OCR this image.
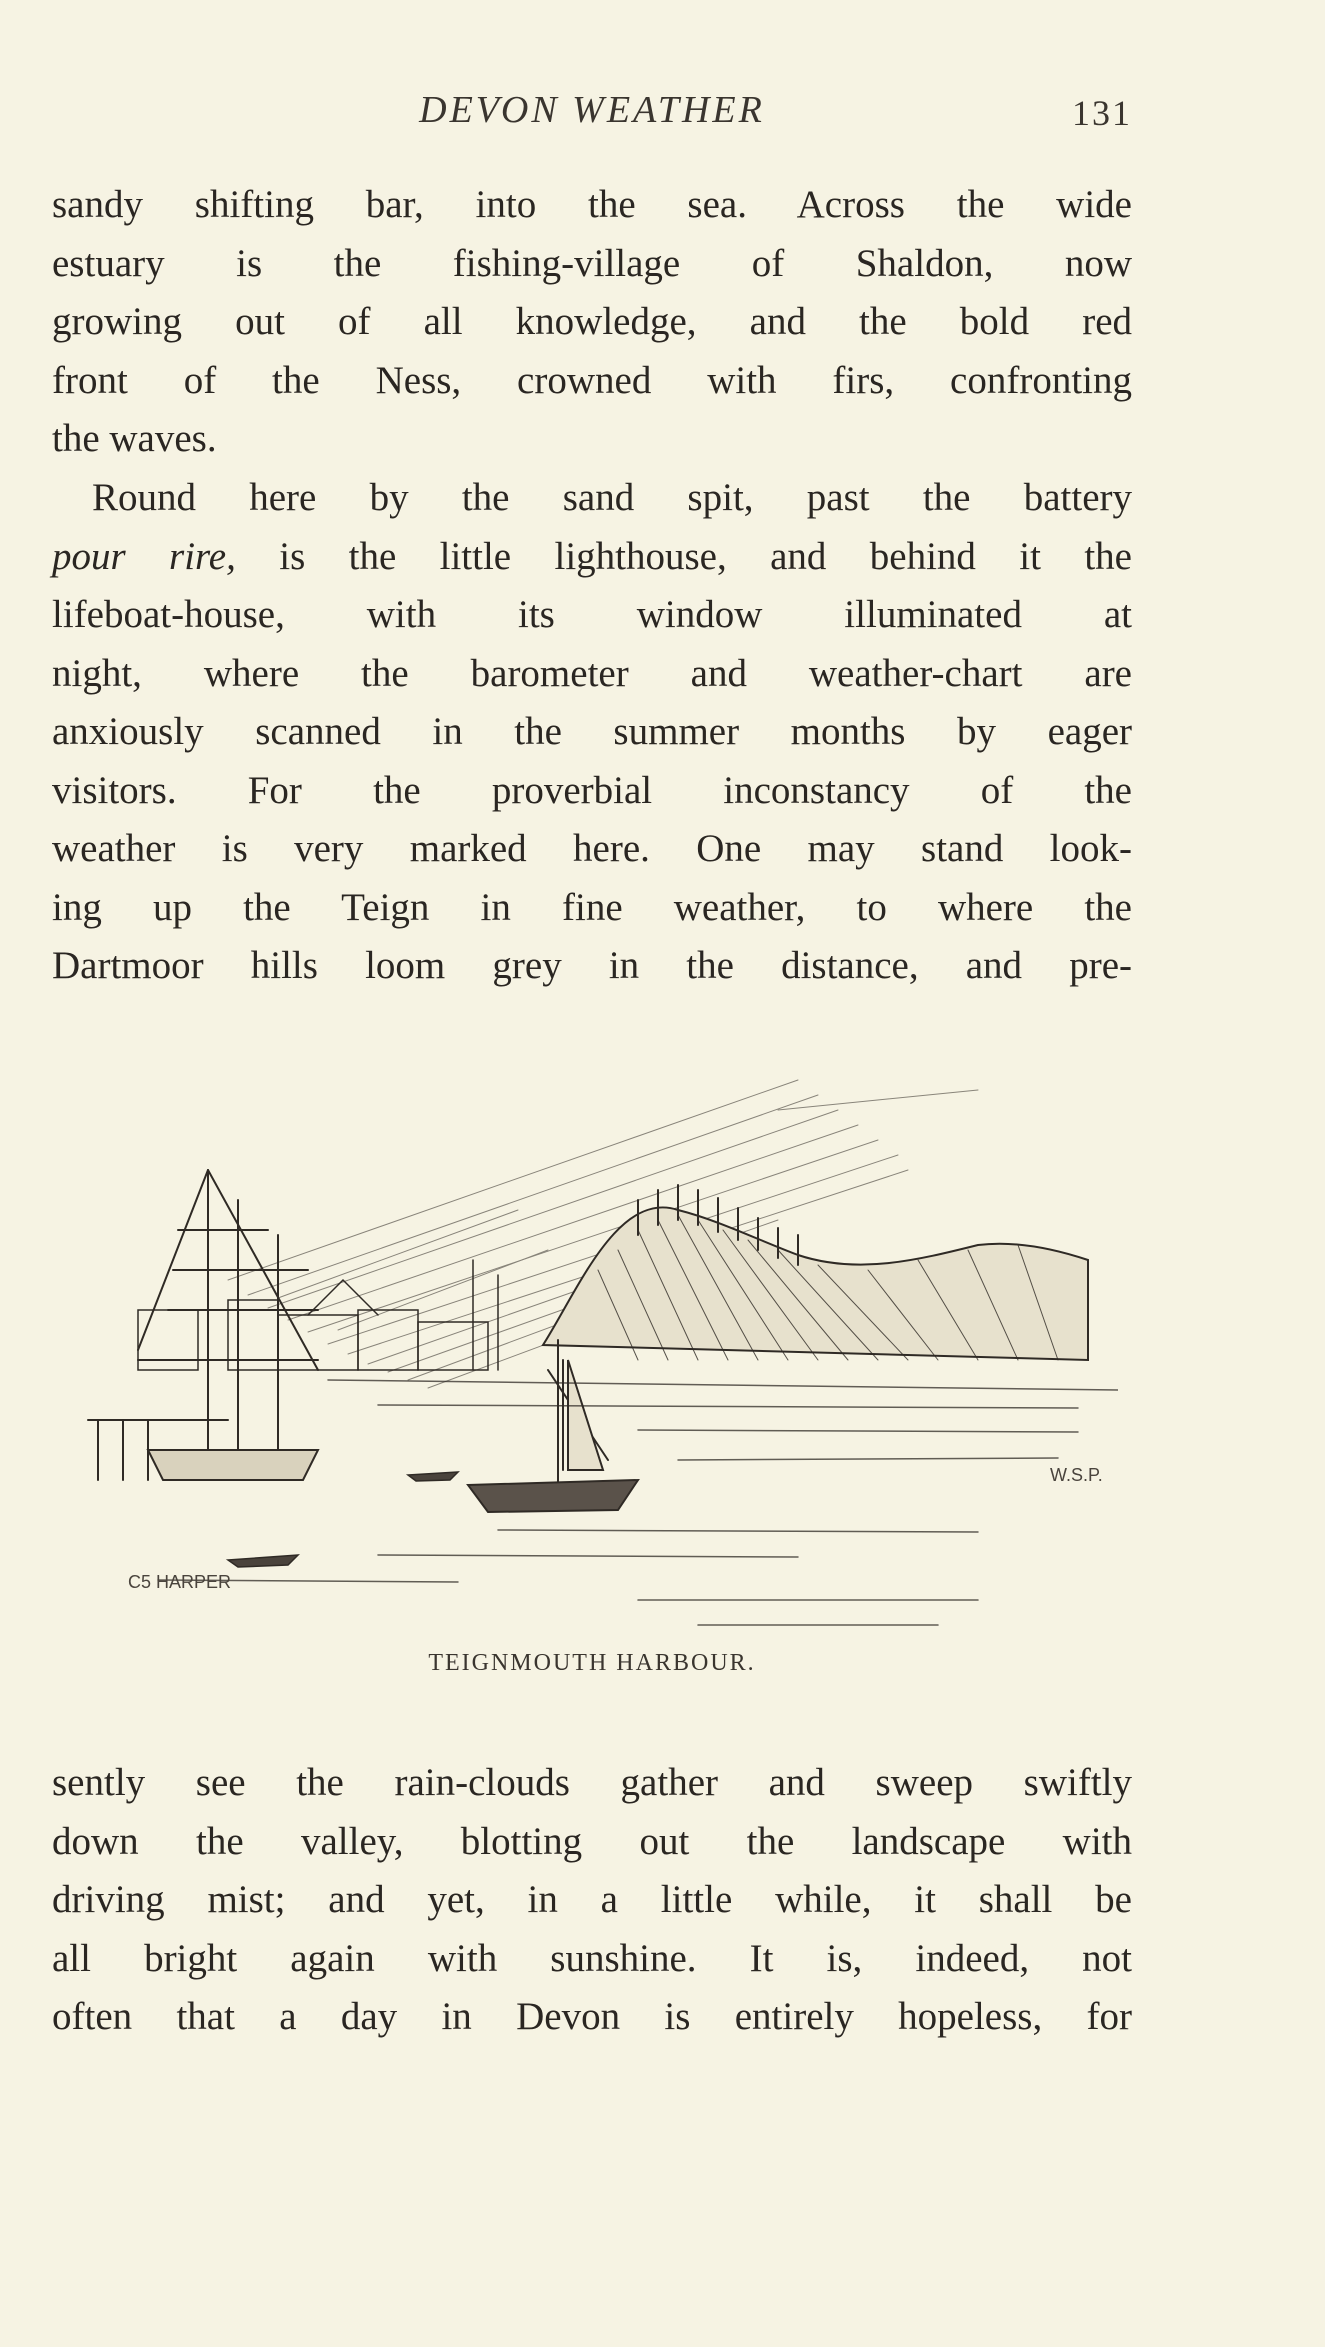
DEVON WEATHER	131

sandy shifting bar, into the sea. Across the wide
estuary is the fishing-village of Shaldon, now
growing out of all knowledge, and the bold red
front of the Ness, crowned with firs, confronting
the waves.

Round here by the sand spit, past the battery
pour rire, is the little lighthouse, and behind it the
lifeboat-house, with its window illuminated at
night, where the barometer and weather-chart are
anxiously scanned in the summer months by eager
visitors. For the proverbial inconstancy of the
weather is very marked here. One may stand look-
ing up the Teign in fine weather, to where the
Dartmoor hills loom grey in the distance, and pre-

C5 HARPER
W.S.P.
TEIGNMOUTH HARBOUR.

sently see the rain-clouds gather and sweep swiftly
down the valley, blotting out the landscape with
driving mist; and yet, in a little while, it shall be
all bright again with sunshine. It is, indeed, not
often that a day in Devon is entirely hopeless, for
